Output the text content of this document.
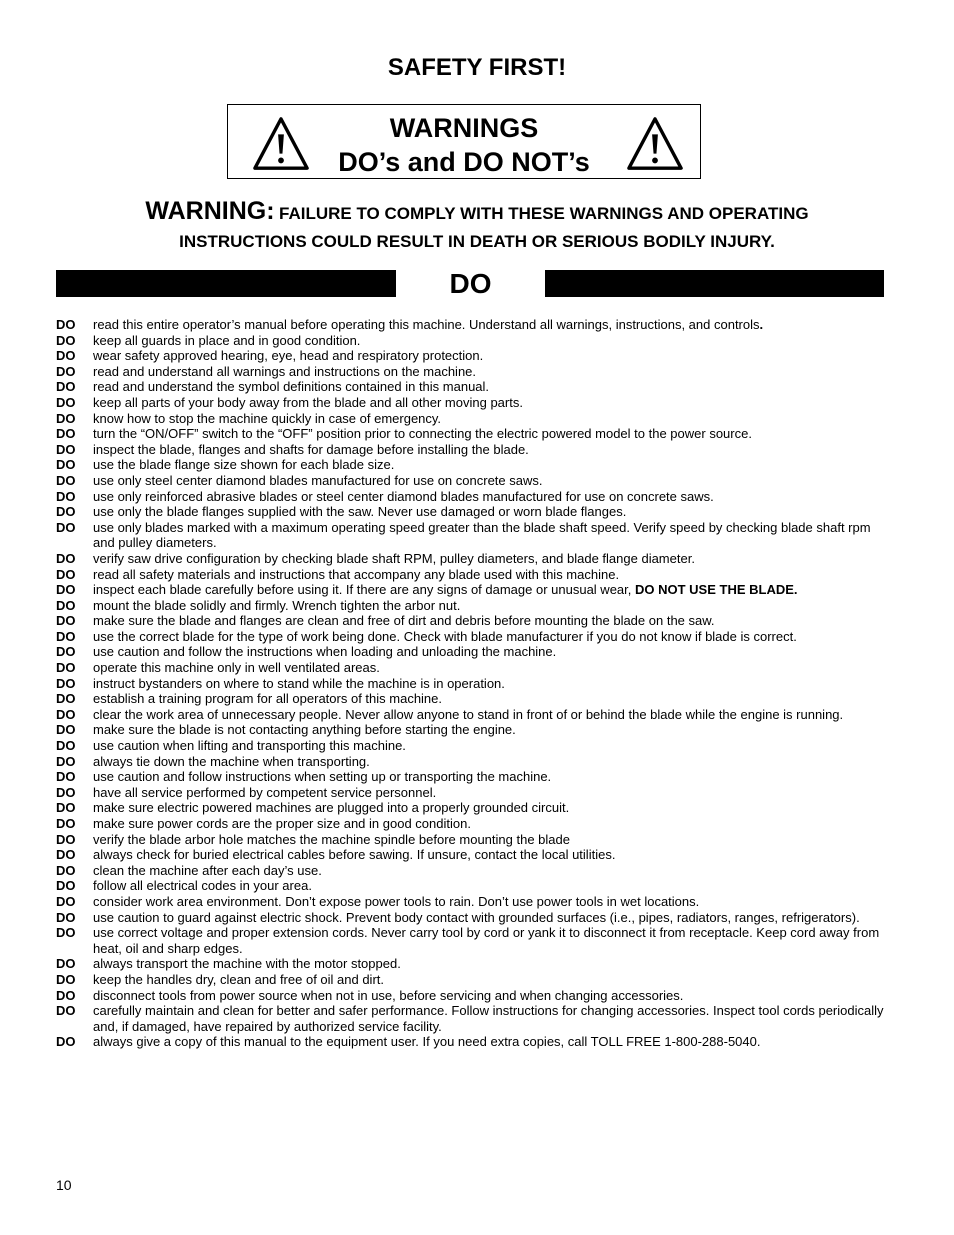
SAFETY FIRST!
WARNINGS
DO’s and DO NOT’s
WARNING: FAILURE TO COMPLY WITH THESE WARNINGS AND OPERATING
INSTRUCTIONS COULD RESULT IN DEATH OR SERIOUS BODILY INJURY.
DO
DO read this entire operator’s manual before operating this machine. Understand all warnings, instructions, and controls.
DO keep all guards in place and in good condition.
DO wear safety approved hearing, eye, head and respiratory protection.
DO read and understand all warnings and instructions on the machine.
DO read and understand the symbol definitions contained in this manual.
DO keep all parts of your body away from the blade and all other moving parts.
DO know how to stop the machine quickly in case of emergency.
DO turn the “ON/OFF” switch to the “OFF” position prior to connecting the electric powered model to the power source.
DO inspect the blade, flanges and shafts for damage before installing the blade.
DO use the blade flange size shown for each blade size.
DO use only steel center diamond blades manufactured for use on concrete saws.
DO use only reinforced abrasive blades or steel center diamond blades manufactured for use on concrete saws.
DO use only the blade flanges supplied with the saw. Never use damaged or worn blade flanges.
DO use only blades marked with a maximum operating speed greater than the blade shaft speed. Verify speed by checking blade shaft rpm and pulley diameters.
DO verify saw drive configuration by checking blade shaft RPM, pulley diameters, and blade flange diameter.
DO read all safety materials and instructions that accompany any blade used with this machine.
DO inspect each blade carefully before using it. If there are any signs of damage or unusual wear, DO NOT USE THE BLADE.
DO mount the blade solidly and firmly. Wrench tighten the arbor nut.
DO make sure the blade and flanges are clean and free of dirt and debris before mounting the blade on the saw.
DO use the correct blade for the type of work being done. Check with blade manufacturer if you do not know if blade is correct.
DO use caution and follow the instructions when loading and unloading the machine.
DO operate this machine only in well ventilated areas.
DO instruct bystanders on where to stand while the machine is in operation.
DO establish a training program for all operators of this machine.
DO clear the work area of unnecessary people. Never allow anyone to stand in front of or behind the blade while the engine is running.
DO make sure the blade is not contacting anything before starting the engine.
DO use caution when lifting and transporting this machine.
DO always tie down the machine when transporting.
DO use caution and follow instructions when setting up or transporting the machine.
DO have all service performed by competent service personnel.
DO make sure electric powered machines are plugged into a properly grounded circuit.
DO make sure power cords are the proper size and in good condition.
DO verify the blade arbor hole matches the machine spindle before mounting the blade
DO always check for buried electrical cables before sawing. If unsure, contact the local utilities.
DO clean the machine after each day’s use.
DO follow all electrical codes in your area.
DO consider work area environment. Don’t expose power tools to rain. Don’t use power tools in wet locations.
DO use caution to guard against electric shock. Prevent body contact with grounded surfaces (i.e., pipes, radiators, ranges, refrigerators).
DO use correct voltage and proper extension cords. Never carry tool by cord or yank it to disconnect it from receptacle. Keep cord away from heat, oil and sharp edges.
DO always transport the machine with the motor stopped.
DO keep the handles dry, clean and free of oil and dirt.
DO disconnect tools from power source when not in use, before servicing and when changing accessories.
DO carefully maintain and clean for better and safer performance. Follow instructions for changing accessories. Inspect tool cords periodically and, if damaged, have repaired by authorized service facility.
DO always give a copy of this manual to the equipment user. If you need extra copies, call TOLL FREE 1-800-288-5040.
10
